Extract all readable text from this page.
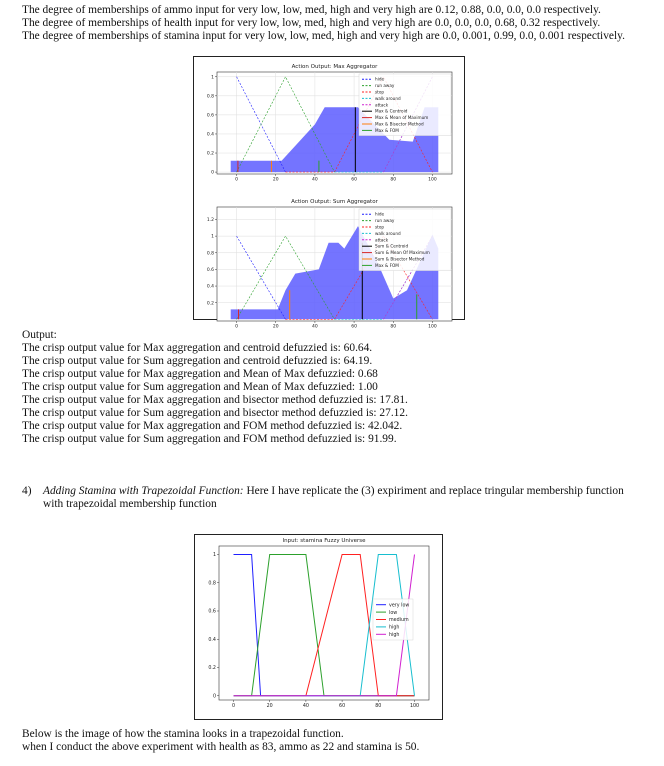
The degree of memberships of ammo input for very low, low, med, high and very high are 0.12, 0.88, 0.0, 0.0, 0.0 respectively.

The degree of memberships of health input for very low, low, med, high and very high are 0.0, 0.0, 0.0, 0.68, 0.32 respectively.

The degree of memberships of stamina input for very low, low, med, high and very high are 0.0, 0.001, 0.99, 0.0, 0.001 respectively.

Action Output: Max Aggregator
0	20	40	60	80	100
0
0.2
0.4
0.6
0.8
1	hide
run away
stop
walk around
attack
Max & Centroid
Max & Mean of Maximum
Max & Bisector Method
Max & FOM

Action Output: Sum Aggregator
0	20	40	60	80	100
0.2
0.4
0.6
0.8
1
1.2
hide
run away
stop
walk around
attack
Sum & Centroid
Sum & Mean Of Maximum
Sum & Bisector Method
Max & FOM

Output:

The crisp output value for Max aggregation and centroid defuzzied is: 60.64.

The crisp output value for Sum aggregation and centroid defuzzied is: 64.19.

The crisp output value for Max aggregation and Mean of Max defuzzied: 0.68

The crisp output value for Sum aggregation and Mean of Max defuzzied: 1.00

The crisp output value for Max aggregation and bisector method defuzzied is: 17.81.

The crisp output value for Sum aggregation and bisector method defuzzied is: 27.12.

The crisp output value for Max aggregation and FOM method defuzzied is: 42.042.

The crisp output value for Sum aggregation and FOM method defuzzied is: 91.99.

4) Adding Stamina with Trapezoidal Function: Here I have replicate the (3) expiriment and replace tringular membership function

with trapezoidal membership function

Input: stamina Fuzzy Universe
0	20	40	60	80	100
0
0.2
0.4
0.6
0.8
1
very low
low
medium
high
high

Below is the image of how the stamina looks in a trapezoidal function.

when I conduct the above experiment with health as 83, ammo as 22 and stamina is 50.
